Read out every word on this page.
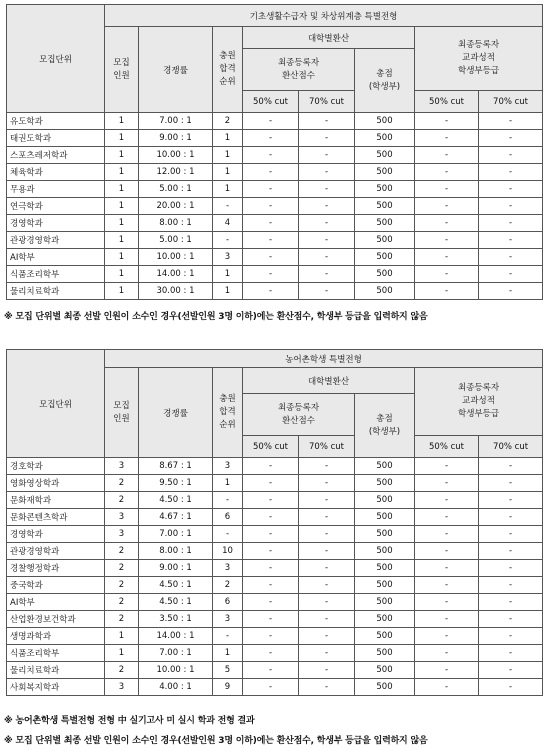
모집단위	기초생활수급자 및 차상위계층 특별전형							
	모집
인원	경쟁률	충원
합격
순위	대학별환산			최종등록자
교과성적
학생부등급	
				최종등록자
환산점수		총점
(학생부)		
				50% cut	70% cut		50% cut	70% cut
유도학과	1	7.00 : 1	2	-	-	500	-	-
태권도학과	1	9.00 : 1	1	-	-	500	-	-
스포츠레저학과	1	10.00 : 1	1	-	-	500	-	-
체육학과	1	12.00 : 1	1	-	-	500	-	-
무용과	1	5.00 : 1	1	-	-	500	-	-
연극학과	1	20.00 : 1	-	-	-	500	-	-
경영학과	1	8.00 : 1	4	-	-	500	-	-
관광경영학과	1	5.00 : 1	-	-	-	500	-	-
AI학부	1	10.00 : 1	3	-	-	500	-	-
식품조리학부	1	14.00 : 1	1	-	-	500	-	-
물리치료학과	1	30.00 : 1	1	-	-	500	-	-
※ 모집 단위별 최종 선발 인원이 소수인 경우(선발인원 3명 이하)에는 환산점수, 학생부 등급을 입력하지 않음
모집단위	농어촌학생 특별전형							
	모집
인원	경쟁률	충원
합격
순위	대학별환산			최종등록자
교과성적
학생부등급	
				최종등록자
환산점수		총점
(학생부)		
				50% cut	70% cut		50% cut	70% cut
경호학과	3	8.67 : 1	3	-	-	500	-	-
영화영상학과	2	9.50 : 1	1	-	-	500	-	-
문화재학과	2	4.50 : 1	-	-	-	500	-	-
문화콘텐츠학과	3	4.67 : 1	6	-	-	500	-	-
경영학과	3	7.00 : 1	-	-	-	500	-	-
관광경영학과	2	8.00 : 1	10	-	-	500	-	-
경찰행정학과	2	9.00 : 1	3	-	-	500	-	-
중국학과	2	4.50 : 1	2	-	-	500	-	-
AI학부	2	4.50 : 1	6	-	-	500	-	-
산업환경보건학과	2	3.50 : 1	3	-	-	500	-	-
생명과학과	1	14.00 : 1	-	-	-	500	-	-
식품조리학부	1	7.00 : 1	1	-	-	500	-	-
물리치료학과	2	10.00 : 1	5	-	-	500	-	-
사회복지학과	3	4.00 : 1	9	-	-	500	-	-
※ 농어촌학생 특별전형 전형 中 실기고사 미 실시 학과 전형 결과
※ 모집 단위별 최종 선발 인원이 소수인 경우(선발인원 3명 이하)에는 환산점수, 학생부 등급을 입력하지 않음
